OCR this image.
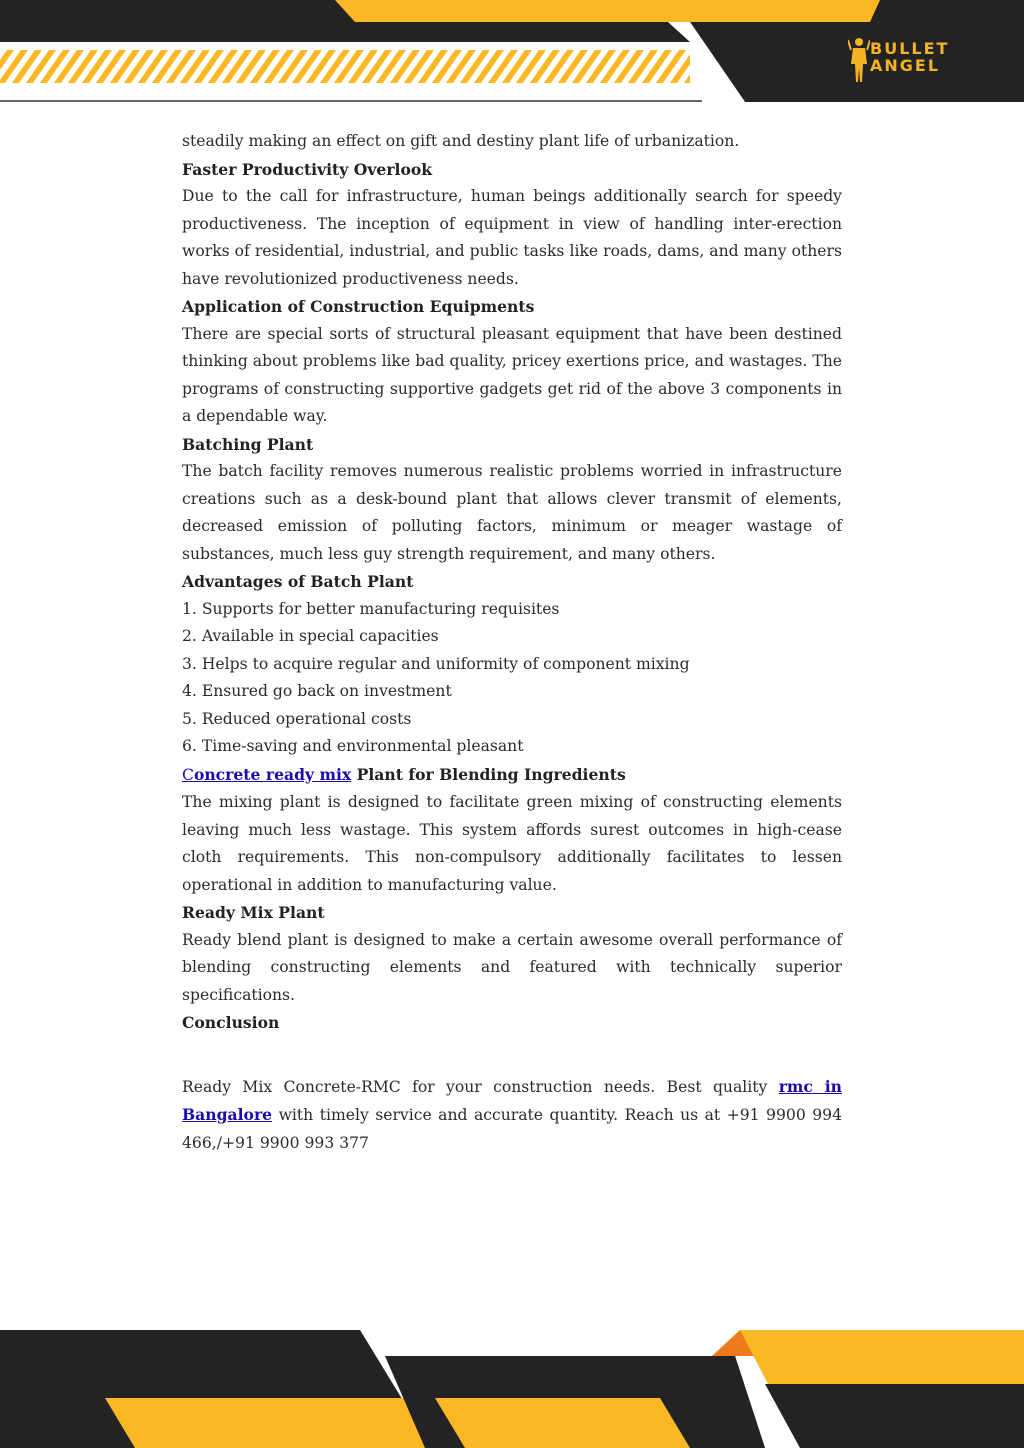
BULLET
ANGEL

steadily making an effect on gift and destiny plant life of urbanization.

Faster Productivity Overlook

Due to the call for infrastructure, human beings additionally search for speedy productiveness. The inception of equipment in view of handling inter-erection works of residential, industrial, and public tasks like roads, dams, and many others have revolutionized productiveness needs.

Application of Construction Equipments

There are special sorts of structural pleasant equipment that have been destined thinking about problems like bad quality, pricey exertions price, and wastages. The programs of constructing supportive gadgets get rid of the above 3 components in a dependable way.

Batching Plant

The batch facility removes numerous realistic problems worried in infrastructure creations such as a desk-bound plant that allows clever transmit of elements, decreased emission of polluting factors, minimum or meager wastage of substances, much less guy strength requirement, and many others.

Advantages of Batch Plant

1. Supports for better manufacturing requisites

2. Available in special capacities

3. Helps to acquire regular and uniformity of component mixing

4. Ensured go back on investment

5. Reduced operational costs

6. Time-saving and environmental pleasant

Concrete ready mix Plant for Blending Ingredients

The mixing plant is designed to facilitate green mixing of constructing elements leaving much less wastage. This system affords surest outcomes in high-cease cloth requirements. This non-compulsory additionally facilitates to lessen operational in addition to manufacturing value.

Ready Mix Plant

Ready blend plant is designed to make a certain awesome overall performance of blending constructing elements and featured with technically superior specifications.

Conclusion

Ready Mix Concrete-RMC for your construction needs. Best quality rmc in Bangalore with timely service and accurate quantity. Reach us at +91 9900 994 466,/+91 9900 993 377
